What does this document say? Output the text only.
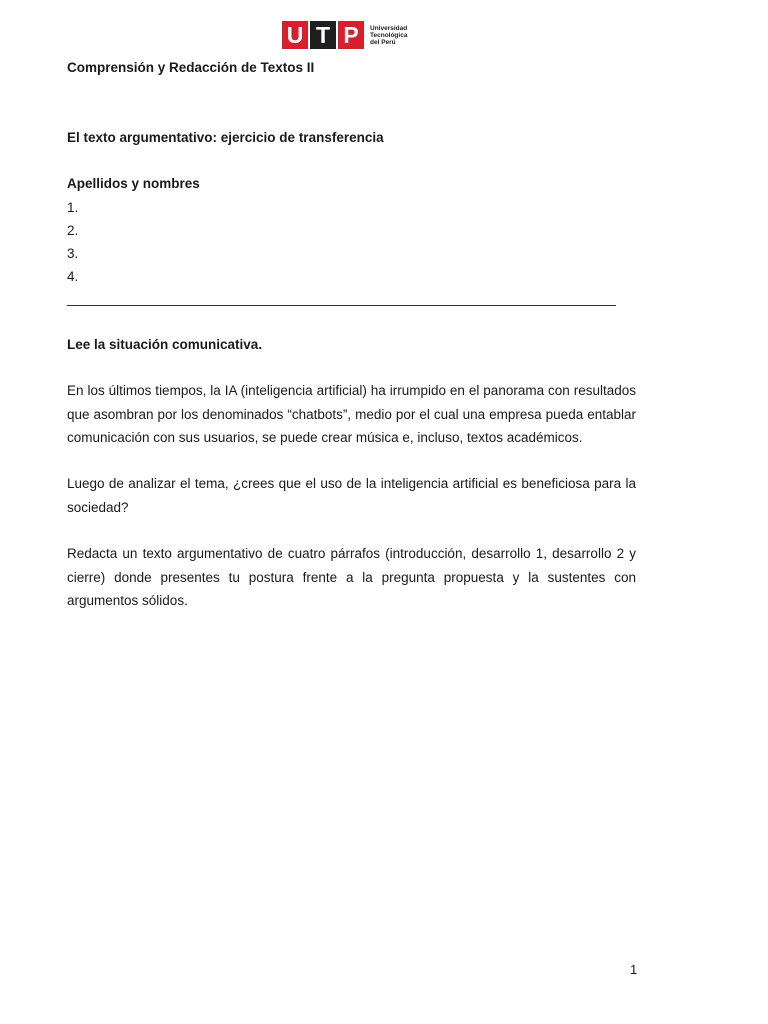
U T P	Universidad
Tecnológica
del Perú
Comprensión y Redacción de Textos II
El texto argumentativo: ejercicio de transferencia
Apellidos y nombres
1.
2.
3.
4.
Lee la situación comunicativa.
En los últimos tiempos, la IA (inteligencia artificial) ha irrumpido en el panorama con resultados que asombran por los denominados “chatbots”, medio por el cual una empresa pueda entablar comunicación con sus usuarios, se puede crear música e, incluso, textos académicos.
Luego de analizar el tema, ¿crees que el uso de la inteligencia artificial es beneficiosa para la sociedad?
Redacta un texto argumentativo de cuatro párrafos (introducción, desarrollo 1, desarrollo 2 y cierre) donde presentes tu postura frente a la pregunta propuesta y la sustentes con argumentos sólidos.
1
